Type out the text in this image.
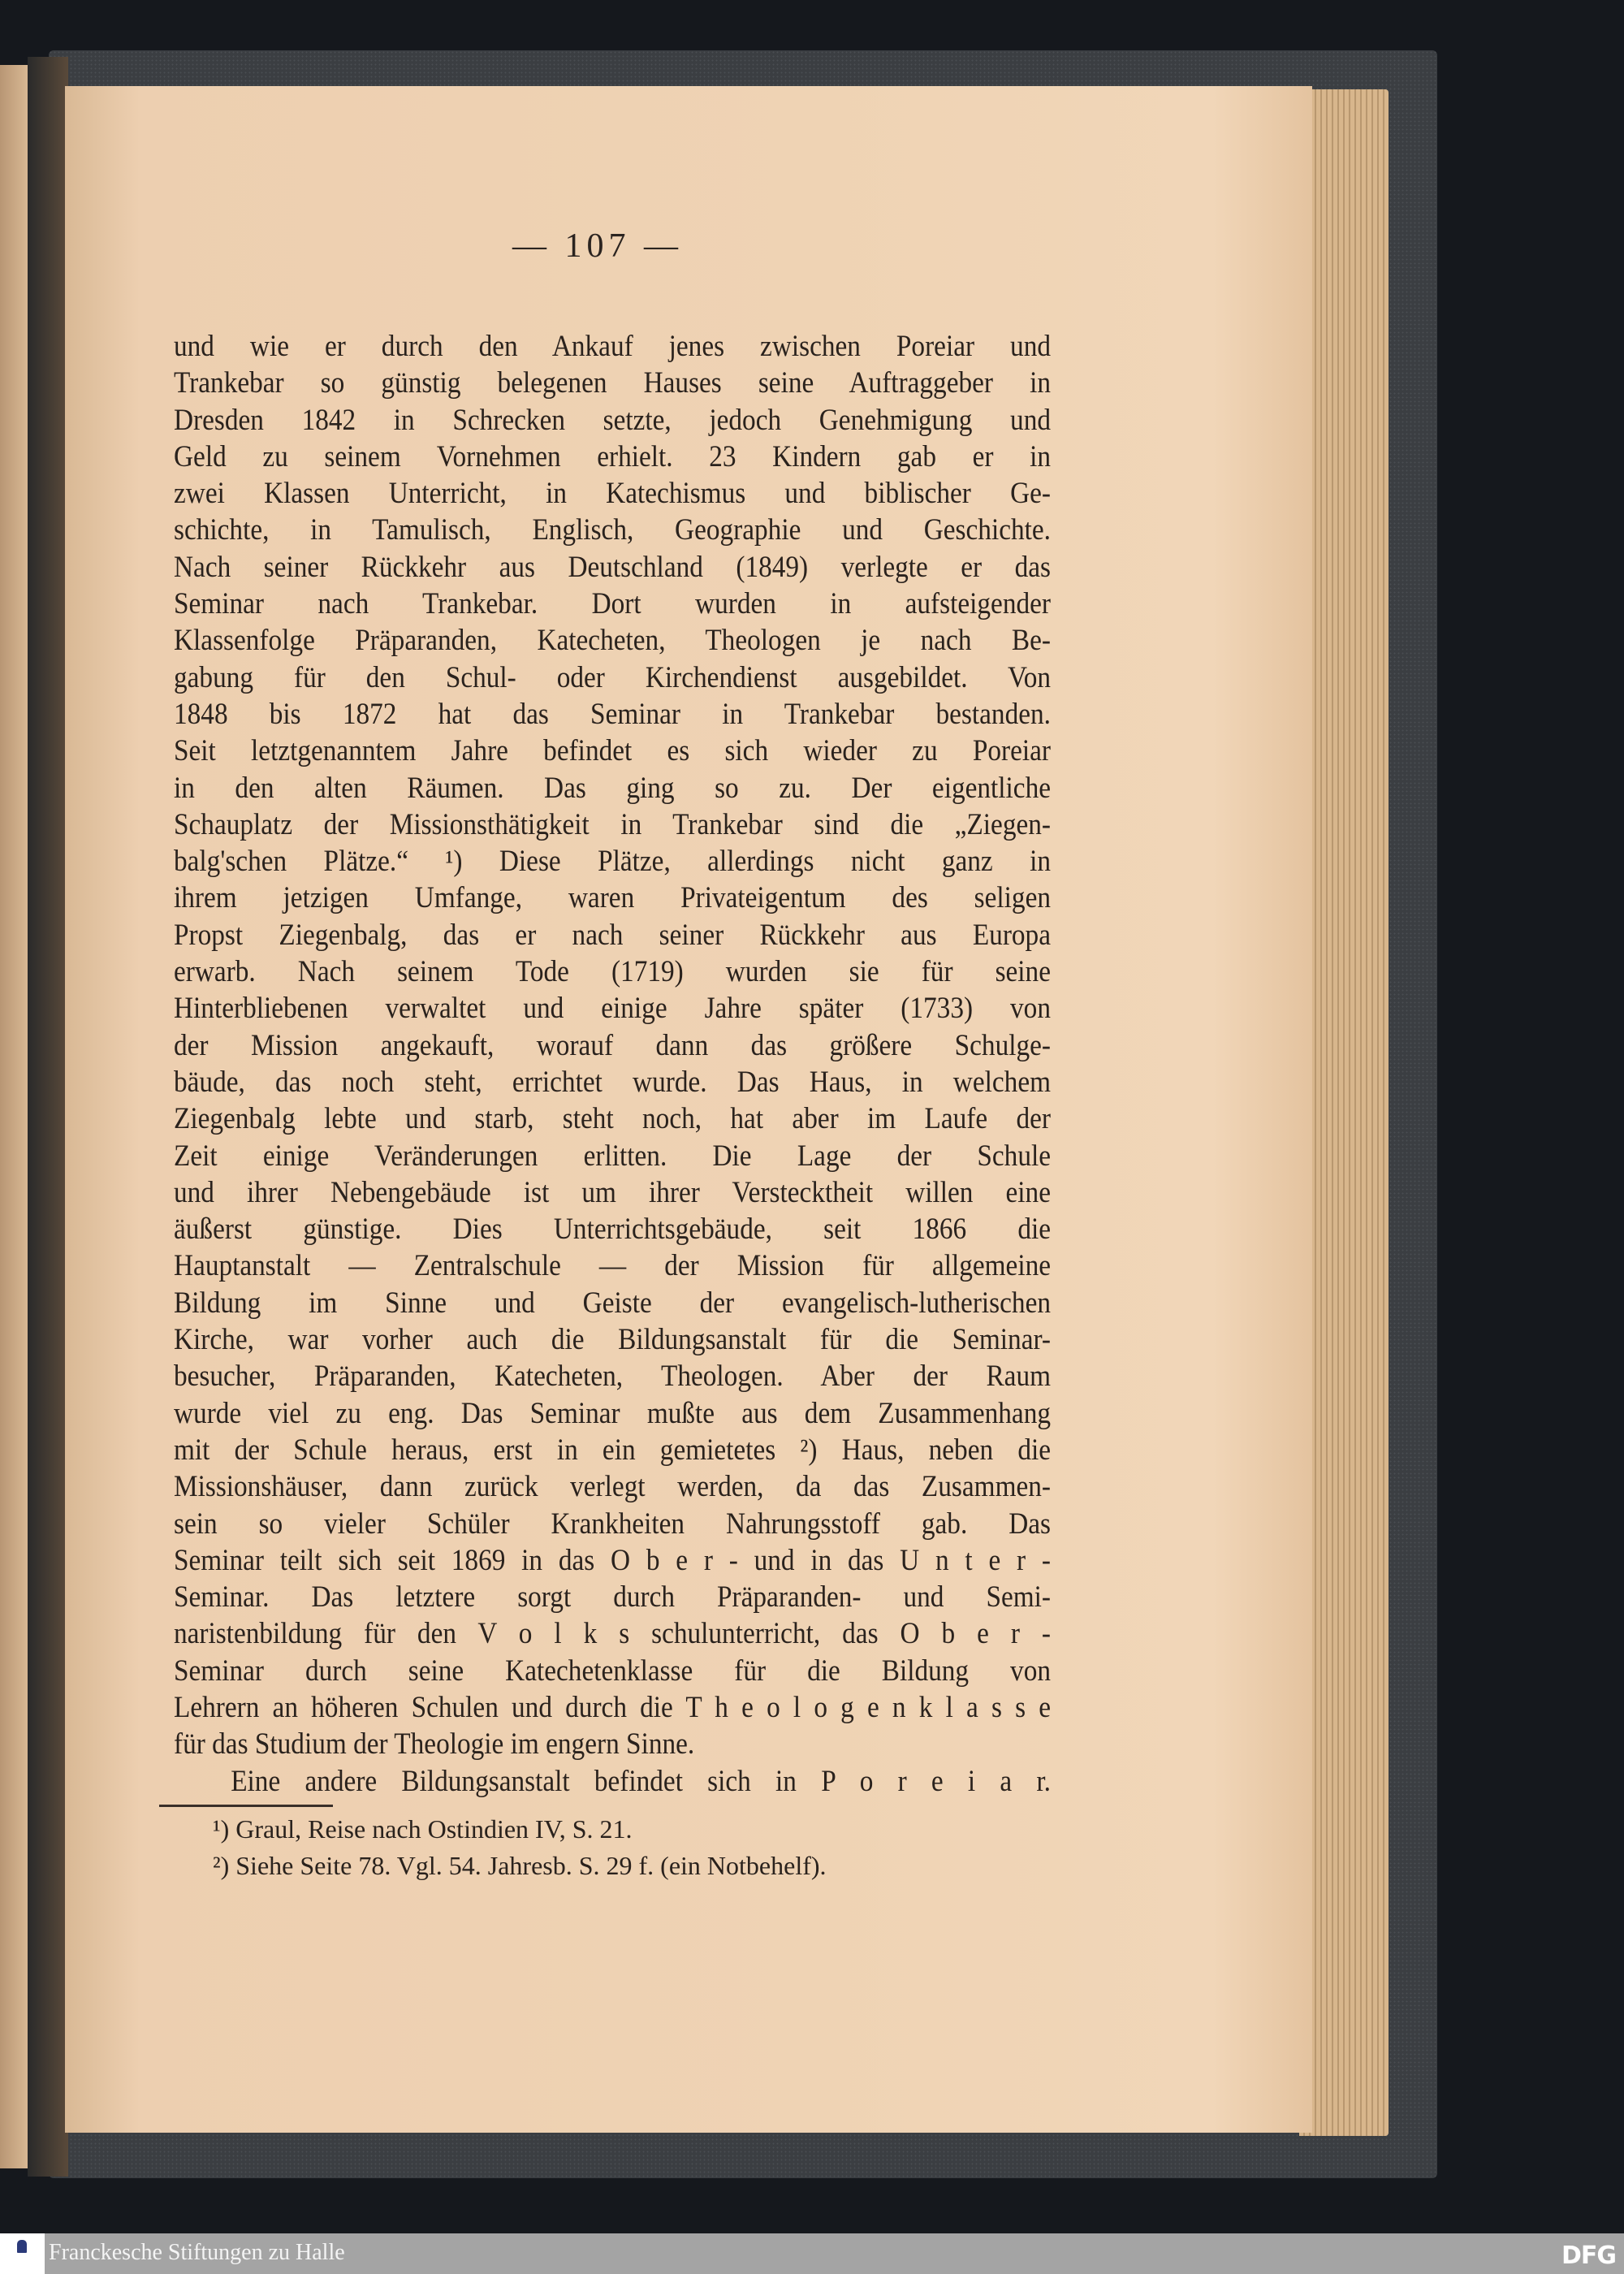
— 107 —
und wie er durch den Ankauf jenes zwischen Poreiar und
Trankebar so günstig belegenen Hauses seine Auftraggeber in
Dresden 1842 in Schrecken setzte, jedoch Genehmigung und
Geld zu seinem Vornehmen erhielt. 23 Kindern gab er in
zwei Klassen Unterricht, in Katechismus und biblischer Ge-
schichte, in Tamulisch, Englisch, Geographie und Geschichte.
Nach seiner Rückkehr aus Deutschland (1849) verlegte er das
Seminar nach Trankebar. Dort wurden in aufsteigender
Klassenfolge Präparanden, Katecheten, Theologen je nach Be-
gabung für den Schul- oder Kirchendienst ausgebildet. Von
1848 bis 1872 hat das Seminar in Trankebar bestanden.
Seit letztgenanntem Jahre befindet es sich wieder zu Poreiar
in den alten Räumen. Das ging so zu. Der eigentliche
Schauplatz der Missionsthätigkeit in Trankebar sind die „Ziegen-
balg'schen Plätze.“ ¹) Diese Plätze, allerdings nicht ganz in
ihrem jetzigen Umfange, waren Privateigentum des seligen
Propst Ziegenbalg, das er nach seiner Rückkehr aus Europa
erwarb. Nach seinem Tode (1719) wurden sie für seine
Hinterbliebenen verwaltet und einige Jahre später (1733) von
der Mission angekauft, worauf dann das größere Schulge-
bäude, das noch steht, errichtet wurde. Das Haus, in welchem
Ziegenbalg lebte und starb, steht noch, hat aber im Laufe der
Zeit einige Veränderungen erlitten. Die Lage der Schule
und ihrer Nebengebäude ist um ihrer Verstecktheit willen eine
äußerst günstige. Dies Unterrichtsgebäude, seit 1866 die
Hauptanstalt — Zentralschule — der Mission für allgemeine
Bildung im Sinne und Geiste der evangelisch-lutherischen
Kirche, war vorher auch die Bildungsanstalt für die Seminar-
besucher, Präparanden, Katecheten, Theologen. Aber der Raum
wurde viel zu eng. Das Seminar mußte aus dem Zusammenhang
mit der Schule heraus, erst in ein gemietetes ²) Haus, neben die
Missionshäuser, dann zurück verlegt werden, da das Zusammen-
sein so vieler Schüler Krankheiten Nahrungsstoff gab. Das
Seminar teilt sich seit 1869 in das O b e r - und in das U n t e r -
Seminar. Das letztere sorgt durch Präparanden- und Semi-
naristenbildung für den V o l k s schulunterricht, das O b e r -
Seminar durch seine Katechetenklasse für die Bildung von
Lehrern an höheren Schulen und durch die T h e o l o g e n k l a s s e
für das Studium der Theologie im engern Sinne.
Eine andere Bildungsanstalt befindet sich in P o r e i a r.
¹) Graul, Reise nach Ostindien IV, S. 21.
²) Siehe Seite 78. Vgl. 54. Jahresb. S. 29 f. (ein Notbehelf).
Franckesche Stiftungen zu Halle	DFG
